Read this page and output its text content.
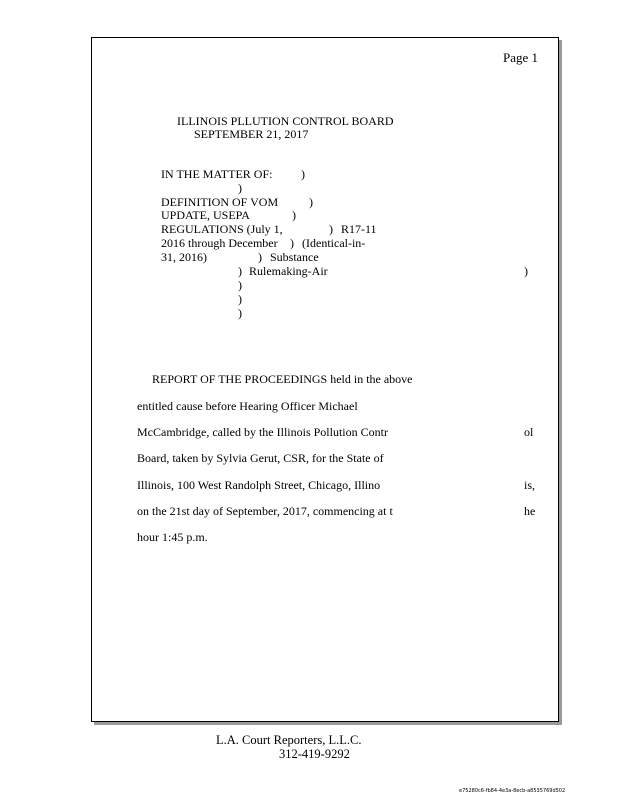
Page 1
ILLINOIS PLLUTION CONTROL BOARD
SEPTEMBER 21, 2017
IN THE MATTER OF: )
)
DEFINITION OF VOM	)
UPDATE, USEPA	)
REGULATIONS (July 1,	) R17-11
2016 through December ) (Identical-in-
31, 2016)	) Substance
) Rulemaking-Air	)
)
)
)
REPORT OF THE PROCEEDINGS held in the above
entitled cause before Hearing Officer Michael
McCambridge, called by the Illinois Pollution Contr	ol
Board, taken by Sylvia Gerut, CSR, for the State of
Illinois, 100 West Randolph Street, Chicago, Illino	is,
on the 21st day of September, 2017, commencing at t	he
hour 1:45 p.m.
L.A. Court Reporters, L.L.C.
312-419-9292
e75280c6-fb84-4e3a-8ecb-a8535769d502
